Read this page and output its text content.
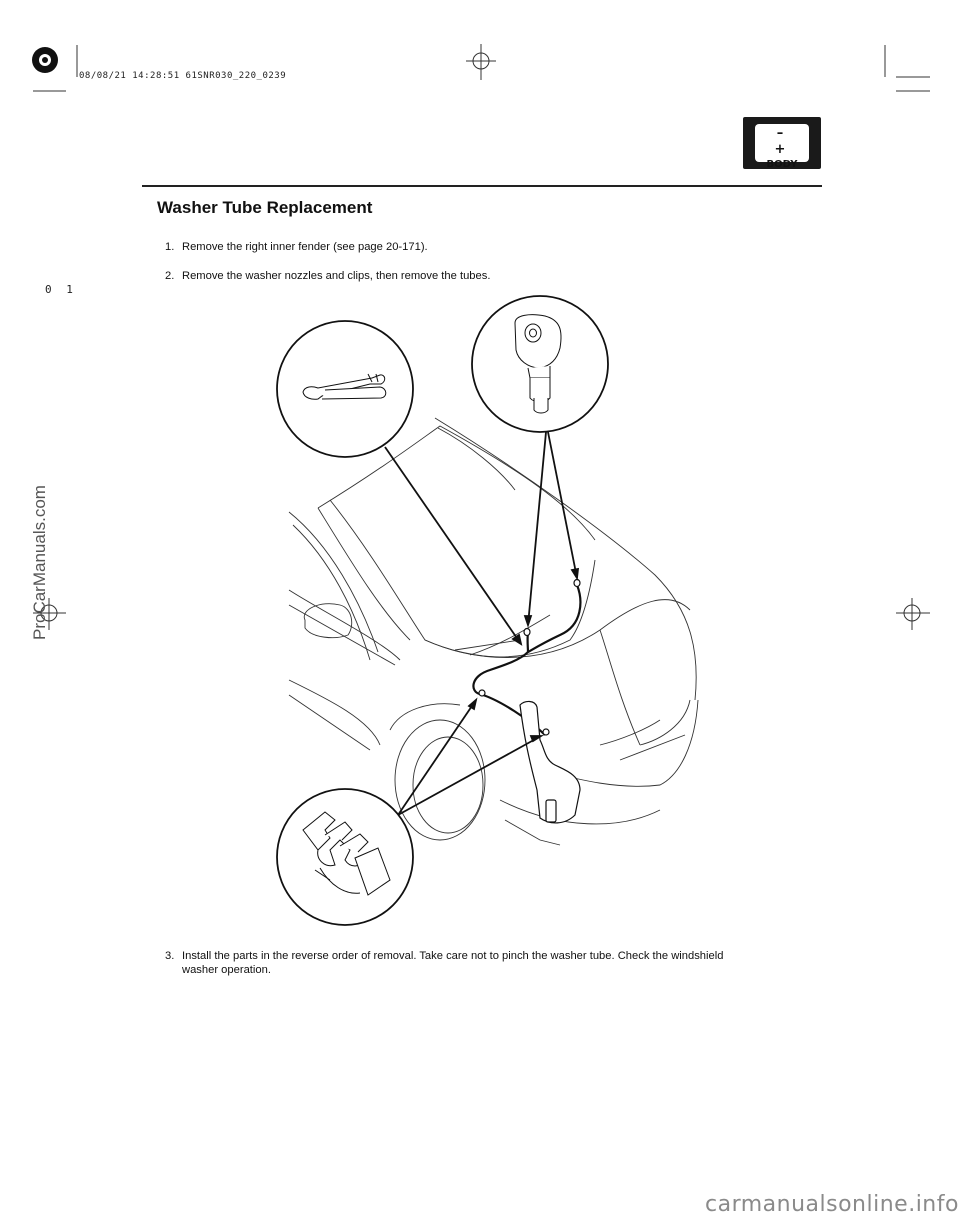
08/08/21 14:28:51 61SNR030_220_0239
0 1
ProCarManuals.com
– +
BODY
Washer Tube Replacement
1. Remove the right inner fender (see page 20-171).
2. Remove the washer nozzles and clips, then remove the tubes.
3. Install the parts in the reverse order of removal. Take care not to pinch the washer tube. Check the windshield
washer operation.
carmanualsonline.info
